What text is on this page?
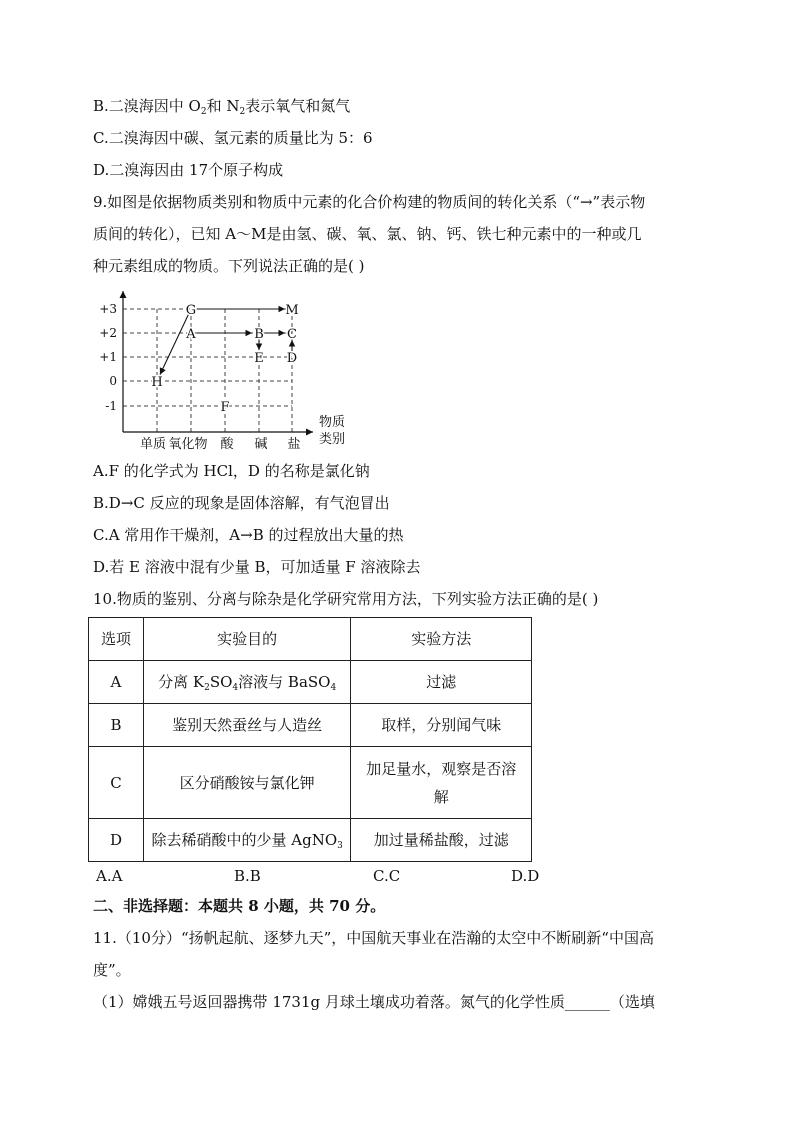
B.二溴海因中 $O_2$和 $N_2$表示氧气和氮气
C.二溴海因中碳、氢元素的质量比为 5：6
D.二溴海因由 17个原子构成
9.如图是依据物质类别和物质中元素的化合价构建的物质间的转化关系（“→”表示物
质间的转化），已知 A～M是由氢、碳、氧、氯、钠、钙、铁七种元素中的一种或几
种元素组成的物质。下列说法正确的是( )
G	M
A	B C
E D
H
F
+3
+2
+1
0
-1
单质 氧化物 酸 碱 盐
物质
类别
A.F 的化学式为 HCl，D 的名称是氯化钠
B.D→C 反应的现象是固体溶解，有气泡冒出
C.A 常用作干燥剂，A→B 的过程放出大量的热
D.若 E 溶液中混有少量 B，可加适量 F 溶液除去
10.物质的鉴别、分离与除杂是化学研究常用方法，下列实验方法正确的是( )
选项	实验目的	实验方法
A	分离 $K_2SO_4$溶液与 BaSO$_4$	过滤
B	鉴别天然蚕丝与人造丝	取样，分别闻气味
C	区分硝酸铵与氯化钾	加足量水，观察是否溶
解

D	除去稀硝酸中的少量 AgNO$_3$	加过量稀盐酸，过滤
A.A	B.B	C.C	D.D
二、非选择题：本题共 8 小题，共 70 分。
11.（10分）“扬帆起航、逐梦九天”，中国航天事业在浩瀚的太空中不断刷新“中国高
度”。
（1）嫦娥五号返回器携带 1731g 月球土壤成功着落。氮气的化学性质______（选填
